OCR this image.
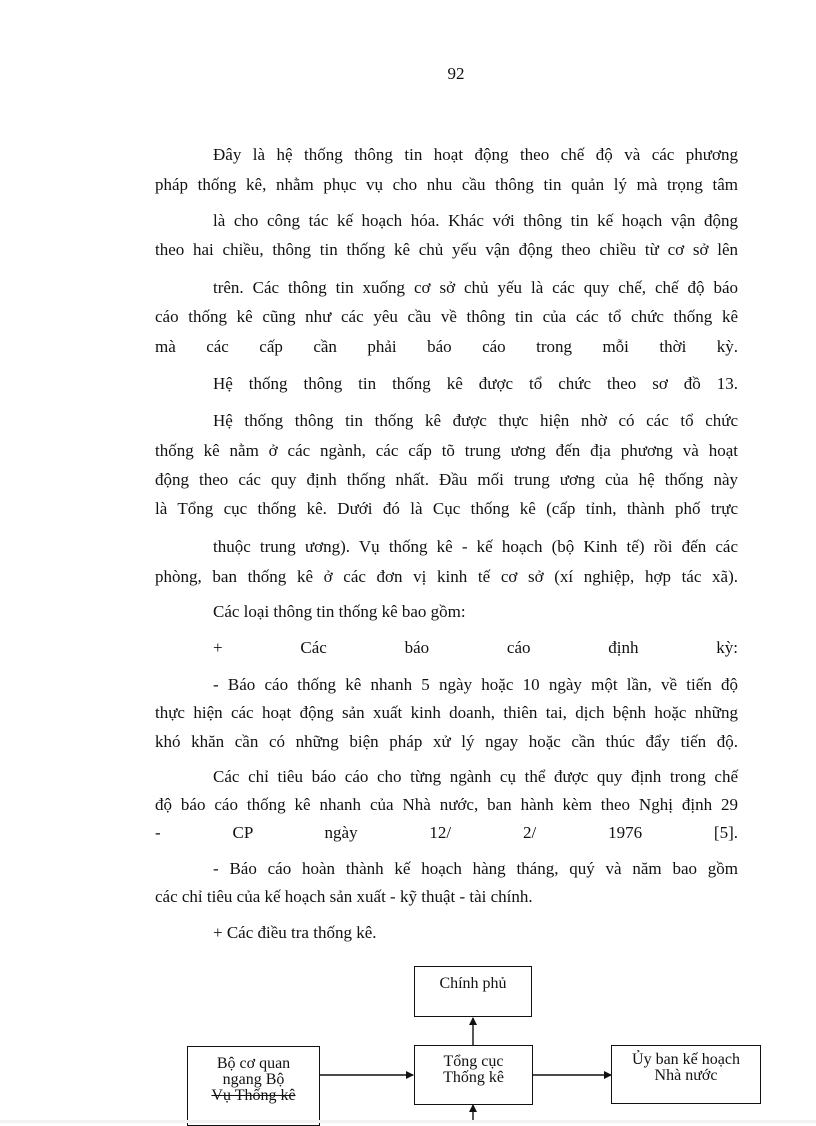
92
Đây là hệ thống thông tin hoạt động theo chế độ và các phương
pháp thống kê, nhằm phục vụ cho nhu cầu thông tin quản lý mà trọng tâm
là cho công tác kế hoạch hóa. Khác với thông tin kế hoạch vận động
theo hai chiều, thông tin thống kê chủ yếu vận động theo chiều từ cơ sở lên
trên. Các thông tin xuống cơ sở chủ yếu là các quy chế, chế độ báo
cáo thống kê cũng như các yêu cầu về thông tin của các tổ chức thống kê
mà các cấp cần phải báo cáo trong mỗi thời kỳ.
Hệ thống thông tin thống kê được tổ chức theo sơ đồ 13.
Hệ thống thông tin thống kê được thực hiện nhờ có các tổ chức
thống kê nằm ở các ngành, các cấp tõ trung ương đến địa phương và hoạt
động theo các quy định thống nhất. Đầu mối trung ương của hệ thống này
là Tổng cục thống kê. Dưới đó là Cục thống kê (cấp tỉnh, thành phố trực
thuộc trung ương). Vụ thống kê - kế hoạch (bộ Kinh tế) rồi đến các
phòng, ban thống kê ở các đơn vị kinh tế cơ sở (xí nghiệp, hợp tác xã).
Các loại thông tin thống kê bao gồm:
+ Các báo cáo định kỳ:
- Báo cáo thống kê nhanh 5 ngày hoặc 10 ngày một lần, về tiến độ
thực hiện các hoạt động sản xuất kinh doanh, thiên tai, dịch bệnh hoặc những
khó khăn cần có những biện pháp xử lý ngay hoặc cần thúc đẩy tiến độ.
Các chỉ tiêu báo cáo cho từng ngành cụ thể được quy định trong chế
độ báo cáo thống kê nhanh của Nhà nước, ban hành kèm theo Nghị định 29
- CP ngày 12/ 2/ 1976 [5].
- Báo cáo hoàn thành kế hoạch hàng tháng, quý và năm bao gồm
các chỉ tiêu của kế hoạch sản xuất - kỹ thuật - tài chính.
+ Các điều tra thống kê.
Chính phủ
Bộ cơ quan
ngang Bộ
Vụ Thống kê
Tổng cục
Thống kê
Ủy ban kế hoạch
Nhà nước
